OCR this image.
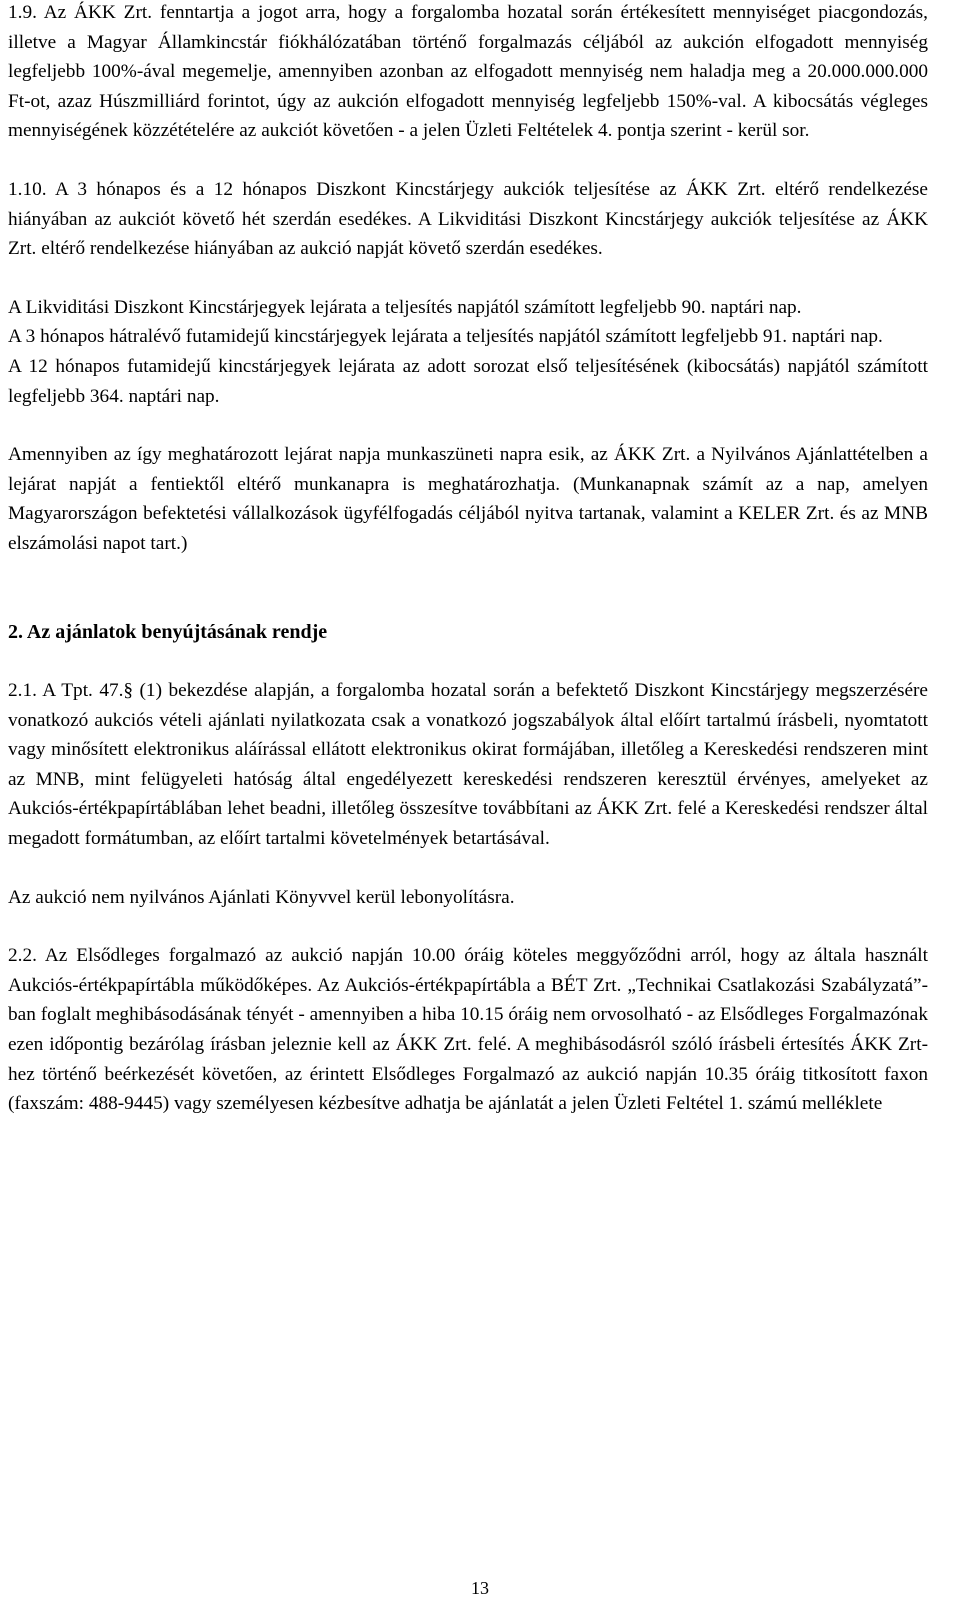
1.9. Az ÁKK Zrt. fenntartja a jogot arra, hogy a forgalomba hozatal során értékesített mennyiséget piacgondozás, illetve a Magyar Államkincstár fiókhálózatában történő forgalmazás céljából az aukción elfogadott mennyiség legfeljebb 100%-ával megemelje, amennyiben azonban az elfogadott mennyiség nem haladja meg a 20.000.000.000 Ft-ot, azaz Húszmilliárd forintot, úgy az aukción elfogadott mennyiség legfeljebb 150%-val. A kibocsátás végleges mennyiségének közzétételére az aukciót követően - a jelen Üzleti Feltételek 4. pontja szerint - kerül sor.

1.10. A 3 hónapos és a 12 hónapos Diszkont Kincstárjegy aukciók teljesítése az ÁKK Zrt. eltérő rendelkezése hiányában az aukciót követő hét szerdán esedékes. A Likviditási Diszkont Kincstárjegy aukciók teljesítése az ÁKK Zrt. eltérő rendelkezése hiányában az aukció napját követő szerdán esedékes.

A Likviditási Diszkont Kincstárjegyek lejárata a teljesítés napjától számított legfeljebb 90. naptári nap.

A 3 hónapos hátralévő futamidejű kincstárjegyek lejárata a teljesítés napjától számított legfeljebb 91. naptári nap.

A 12 hónapos futamidejű kincstárjegyek lejárata az adott sorozat első teljesítésének (kibocsátás) napjától számított legfeljebb 364. naptári nap.

Amennyiben az így meghatározott lejárat napja munkaszüneti napra esik, az ÁKK Zrt. a Nyilvános Ajánlattételben a lejárat napját a fentiektől eltérő munkanapra is meghatározhatja. (Munkanapnak számít az a nap, amelyen Magyarországon befektetési vállalkozások ügyfélfogadás céljából nyitva tartanak, valamint a KELER Zrt. és az MNB elszámolási napot tart.)

2. Az ajánlatok benyújtásának rendje

2.1. A Tpt. 47.§ (1) bekezdése alapján, a forgalomba hozatal során a befektető Diszkont Kincstárjegy megszerzésére vonatkozó aukciós vételi ajánlati nyilatkozata csak a vonatkozó jogszabályok által előírt tartalmú írásbeli, nyomtatott vagy minősített elektronikus aláírással ellátott elektronikus okirat formájában, illetőleg a Kereskedési rendszeren mint az MNB, mint felügyeleti hatóság által engedélyezett kereskedési rendszeren keresztül érvényes, amelyeket az Aukciós-értékpapírtáblában lehet beadni, illetőleg összesítve továbbítani az ÁKK Zrt. felé a Kereskedési rendszer által megadott formátumban, az előírt tartalmi követelmények betartásával.

Az aukció nem nyilvános Ajánlati Könyvvel kerül lebonyolításra.

2.2. Az Elsődleges forgalmazó az aukció napján 10.00 óráig köteles meggyőződni arról, hogy az általa használt Aukciós-értékpapírtábla működőképes. Az Aukciós-értékpapírtábla a BÉT Zrt. „Technikai Csatlakozási Szabályzatá”-ban foglalt meghibásodásának tényét - amennyiben a hiba 10.15 óráig nem orvosolható - az Elsődleges Forgalmazónak ezen időpontig bezárólag írásban jeleznie kell az ÁKK Zrt. felé. A meghibásodásról szóló írásbeli értesítés ÁKK Zrt-hez történő beérkezését követően, az érintett Elsődleges Forgalmazó az aukció napján 10.35 óráig titkosított faxon (faxszám: 488-9445) vagy személyesen kézbesítve adhatja be ajánlatát a jelen Üzleti Feltétel 1. számú melléklete

13
